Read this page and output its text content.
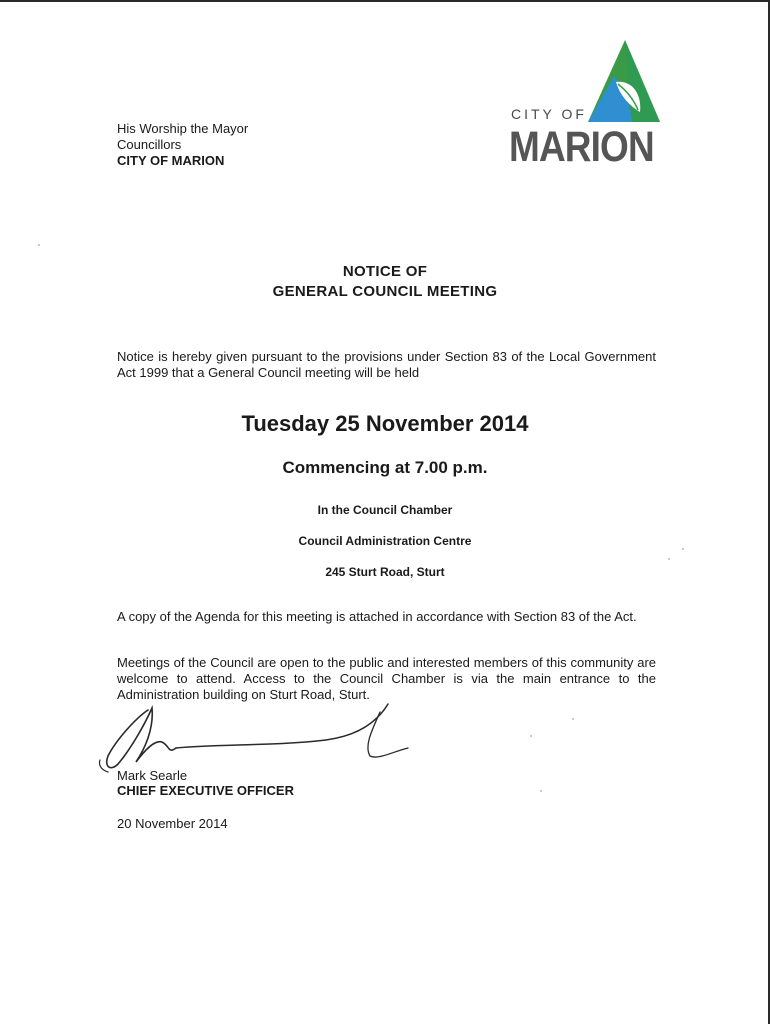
His Worship the Mayor
Councillors
CITY OF MARION
CITY OF
MARION
NOTICE OF
GENERAL COUNCIL MEETING
Notice is hereby given pursuant to the provisions under Section 83 of the Local Government Act 1999 that a General Council meeting will be held
Tuesday 25 November 2014
Commencing at 7.00 p.m.
In the Council Chamber
Council Administration Centre
245 Sturt Road, Sturt
A copy of the Agenda for this meeting is attached in accordance with Section 83 of the Act.
Meetings of the Council are open to the public and interested members of this community are welcome to attend. Access to the Council Chamber is via the main entrance to the Administration building on Sturt Road, Sturt.
Mark Searle
CHIEF EXECUTIVE OFFICER
20 November 2014
